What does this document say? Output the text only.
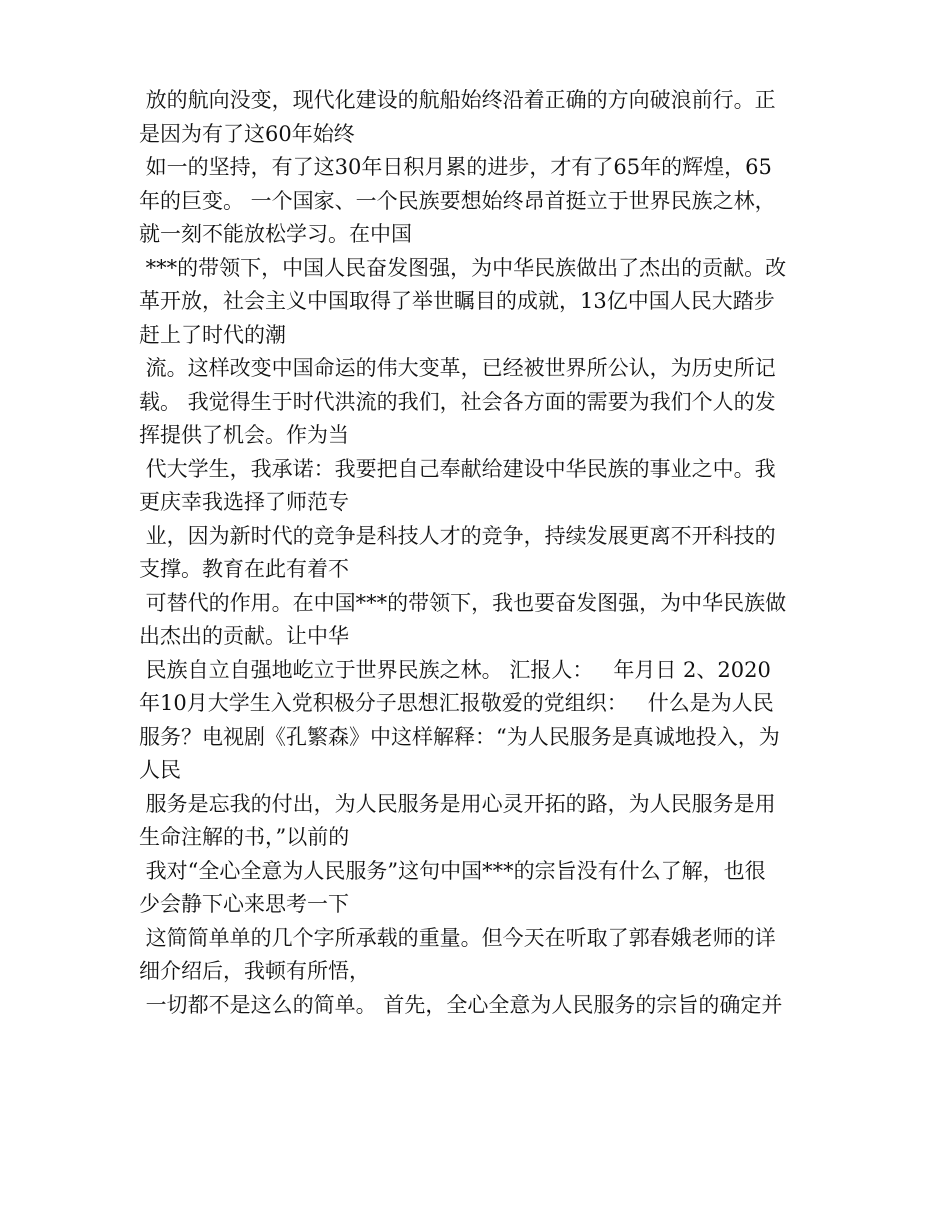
放的航向没变，现代化建设的航船始终沿着正确的方向破浪前行。正
是因为有了这60年始终
如一的坚持，有了这30年日积月累的进步，才有了65年的辉煌，65
年的巨变。 一个国家、一个民族要想始终昂首挺立于世界民族之林，
就一刻不能放松学习。在中国
***的带领下，中国人民奋发图强，为中华民族做出了杰出的贡献。改
革开放，社会主义中国取得了举世瞩目的成就，13亿中国人民大踏步
赶上了时代的潮
流。这样改变中国命运的伟大变革，已经被世界所公认，为历史所记
载。 我觉得生于时代洪流的我们，社会各方面的需要为我们个人的发
挥提供了机会。作为当
代大学生，我承诺：我要把自己奉献给建设中华民族的事业之中。我
更庆幸我选择了师范专
业，因为新时代的竞争是科技人才的竞争，持续发展更离不开科技的
支撑。教育在此有着不
可替代的作用。在中国***的带领下，我也要奋发图强，为中华民族做
出杰出的贡献。让中华
民族自立自强地屹立于世界民族之林。 汇报人：   年月日 2、2020
年10月大学生入党积极分子思想汇报敬爱的党组织：   什么是为人民
服务？电视剧《孔繁森》中这样解释：“为人民服务是真诚地投入，为
人民
服务是忘我的付出，为人民服务是用心灵开拓的路，为人民服务是用
生命注解的书，”以前的
我对“全心全意为人民服务”这句中国***的宗旨没有什么了解，也很
少会静下心来思考一下
这简简单单的几个字所承载的重量。但今天在听取了郭春娥老师的详
细介绍后，我顿有所悟，
一切都不是这么的简单。 首先，全心全意为人民服务的宗旨的确定并
